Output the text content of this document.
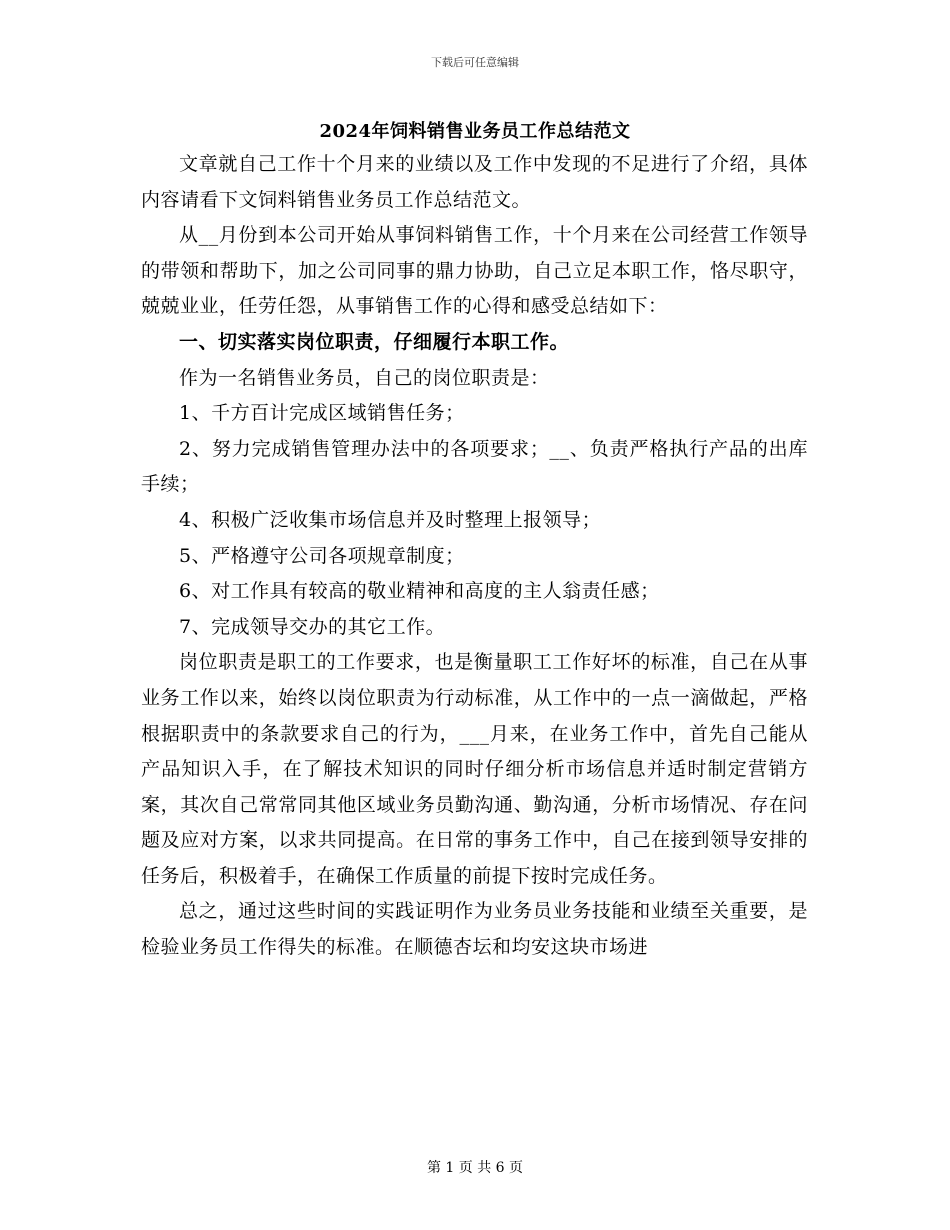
下载后可任意编辑
2024年饲料销售业务员工作总结范文

文章就自己工作十个月来的业绩以及工作中发现的不足进行了介绍，具体内容请看下文饲料销售业务员工作总结范文。

从__月份到本公司开始从事饲料销售工作，十个月来在公司经营工作领导的带领和帮助下，加之公司同事的鼎力协助，自己立足本职工作，恪尽职守，兢兢业业，任劳任怨，从事销售工作的心得和感受总结如下：

一、切实落实岗位职责，仔细履行本职工作。

作为一名销售业务员，自己的岗位职责是：

1、千方百计完成区域销售任务；

2、努力完成销售管理办法中的各项要求；__、负责严格执行产品的出库手续；

4、积极广泛收集市场信息并及时整理上报领导；

5、严格遵守公司各项规章制度；

6、对工作具有较高的敬业精神和高度的主人翁责任感；

7、完成领导交办的其它工作。

岗位职责是职工的工作要求，也是衡量职工工作好坏的标准，自己在从事业务工作以来，始终以岗位职责为行动标准，从工作中的一点一滴做起，严格根据职责中的条款要求自己的行为，___月来，在业务工作中，首先自己能从产品知识入手，在了解技术知识的同时仔细分析市场信息并适时制定营销方案，其次自己常常同其他区域业务员勤沟通、勤沟通，分析市场情况、存在问题及应对方案，以求共同提高。在日常的事务工作中，自己在接到领导安排的任务后，积极着手，在确保工作质量的前提下按时完成任务。

总之，通过这些时间的实践证明作为业务员业务技能和业绩至关重要，是检验业务员工作得失的标准。在顺德杏坛和均安这块市场进

第 1 页 共 6 页
